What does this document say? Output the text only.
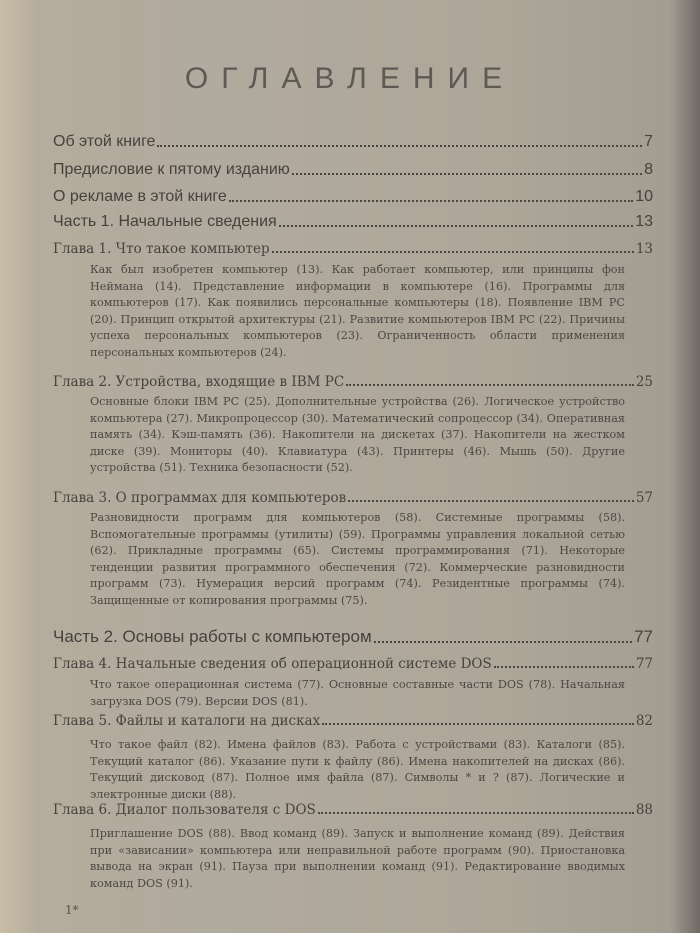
ОГЛАВЛЕНИЕ
Об этой книге	7
Предисловие к пятому изданию	8
О рекламе в этой книге	10
Часть 1. Начальные сведения	13
Глава 1. Что такое компьютер	13
Как был изобретен компьютер (13). Как работает компьютер, или принципы фон Неймана (14). Представление информации в компьютере (16). Программы для компьютеров (17). Как появились персональные компьютеры (18). Появление IBM PC (20). Принцип открытой архитектуры (21). Развитие компьютеров IBM PC (22). Причины успеха персональных компьютеров (23). Ограниченность области применения персональных компьютеров (24).
Глава 2. Устройства, входящие в IBM PC	25
Основные блоки IBM PC (25). Дополнительные устройства (26). Логическое устройство компьютера (27). Микропроцессор (30). Математический сопроцессор (34). Оперативная память (34). Кэш-память (36). Накопители на дискетах (37). Накопители на жестком диске (39). Мониторы (40). Клавиатура (43). Принтеры (46). Мышь (50). Другие устройства (51). Техника безопасности (52).
Глава 3. О программах для компьютеров	57
Разновидности программ для компьютеров (58). Системные программы (58). Вспомогательные программы (утилиты) (59). Программы управления локальной сетью (62). Прикладные программы (65). Системы программирования (71). Некоторые тенденции развития программного обеспечения (72). Коммерческие разновидности программ (73). Нумерация версий программ (74). Резидентные программы (74). Защищенные от копирования программы (75).
Часть 2. Основы работы с компьютером	77
Глава 4. Начальные сведения об операционной системе DOS	77
Что такое операционная система (77). Основные составные части DOS (78). Начальная загрузка DOS (79). Версии DOS (81).
Глава 5. Файлы и каталоги на дисках	82
Что такое файл (82). Имена файлов (83). Работа с устройствами (83). Каталоги (85). Текущий каталог (86). Указание пути к файлу (86). Имена накопителей на дисках (86). Текущий дисковод (87). Полное имя файла (87). Символы * и ? (87). Логические и электронные диски (88).
Глава 6. Диалог пользователя с DOS	88
Приглашение DOS (88). Ввод команд (89). Запуск и выполнение команд (89). Действия при «зависании» компьютера или неправильной работе программ (90). Приостановка вывода на экран (91). Пауза при выполнении команд (91). Редактирование вводимых команд DOS (91).
1*
